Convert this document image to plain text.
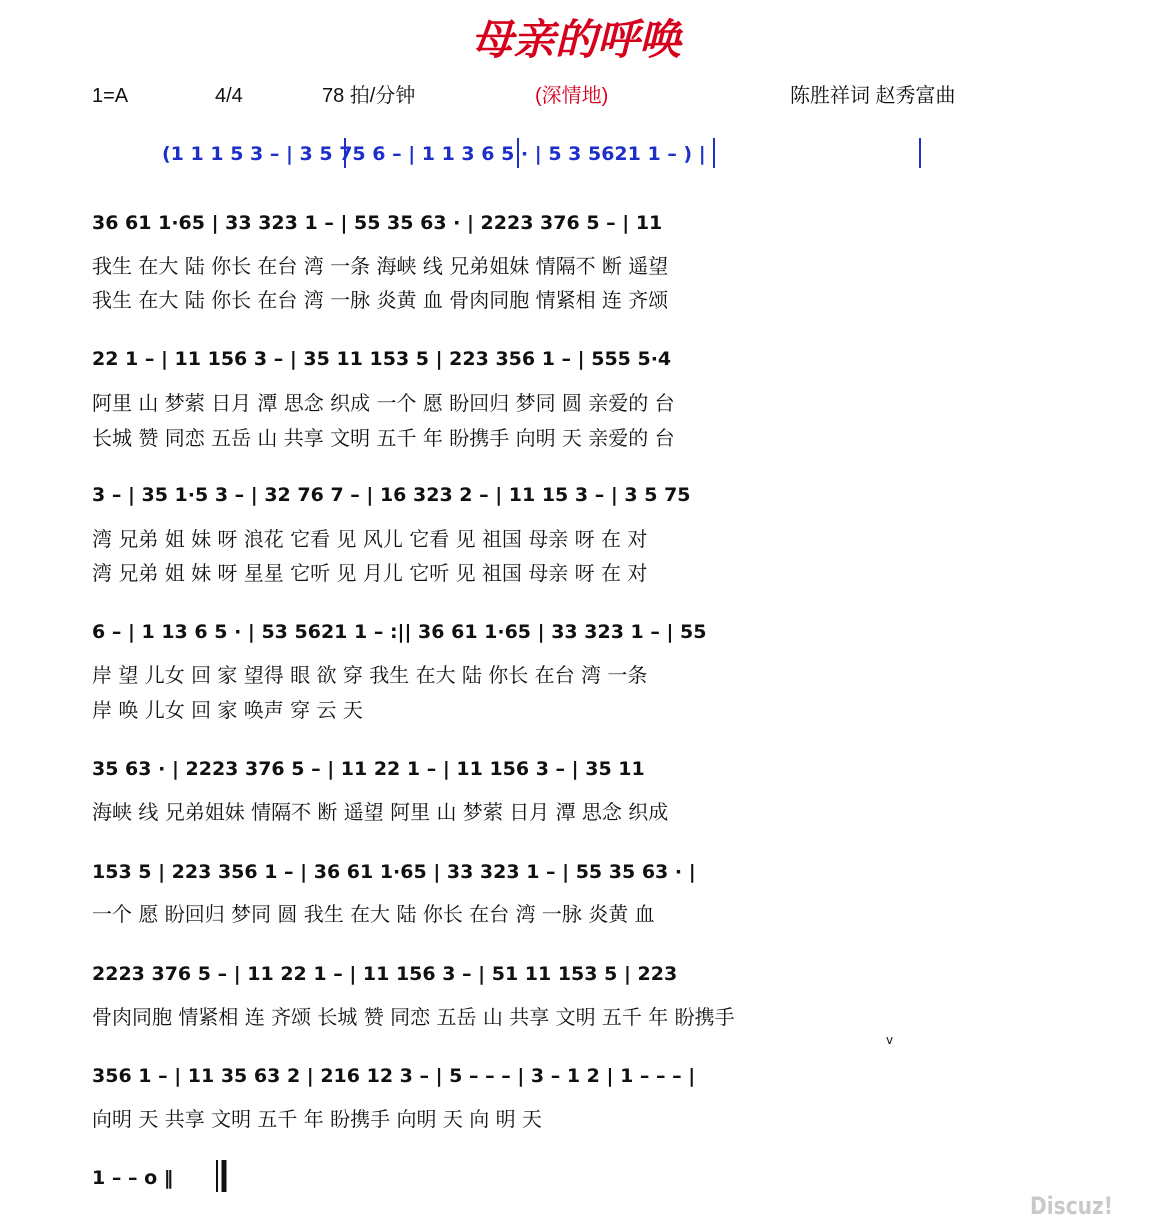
母亲的呼唤
1=A	4/4	78 拍/分钟	(深情地)	陈胜祥词 赵秀富曲
(1 1 1 5 3 – | 3 5 75 6 – | 1 1 3 6 5 · | 5 3 5621 1 – ) |
36 61 1·65 | 33 323 1 – | 55 35 63 · | 2223 376 5 – | 11
我生 在大 陆 你长 在台 湾 一条 海峡 线 兄弟姐妹 情隔不 断 遥望
我生 在大 陆 你长 在台 湾 一脉 炎黄 血 骨肉同胞 情紧相 连 齐颂
22 1 – | 11 156 3 – | 35 11 153 5 | 223 356 1 – | 555 5·4
阿里 山 梦萦 日月 潭 思念 织成 一个 愿 盼回归 梦同 圆 亲爱的 台
长城 赞 同恋 五岳 山 共享 文明 五千 年 盼携手 向明 天 亲爱的 台
3 – | 35 1·5 3 – | 32 76 7 – | 16 323 2 – | 11 15 3 – | 3 5 75
湾 兄弟 姐 妹 呀 浪花 它看 见 风儿 它看 见 祖国 母亲 呀 在 对
湾 兄弟 姐 妹 呀 星星 它听 见 月儿 它听 见 祖国 母亲 呀 在 对
6 – | 1 13 6 5 · | 53 5621 1 – :|| 36 61 1·65 | 33 323 1 – | 55
岸 望 儿女 回 家 望得 眼 欲 穿 我生 在大 陆 你长 在台 湾 一条
岸 唤 儿女 回 家 唤声 穿 云 天
35 63 · | 2223 376 5 – | 11 22 1 – | 11 156 3 – | 35 11
海峡 线 兄弟姐妹 情隔不 断 遥望 阿里 山 梦萦 日月 潭 思念 织成
153 5 | 223 356 1 – | 36 61 1·65 | 33 323 1 – | 55 35 63 · |
一个 愿 盼回归 梦同 圆 我生 在大 陆 你长 在台 湾 一脉 炎黄 血
2223 376 5 – | 11 22 1 – | 11 156 3 – | 51 11 153 5 | 223
骨肉同胞 情紧相 连 齐颂 长城 赞 同恋 五岳 山 共享 文明 五千 年 盼携手
v
356 1 – | 11 35 63 2 | 216 12 3 – | 5 – – – | 3 – 1 2 | 1 – – – |
向明 天 共享 文明 五千 年 盼携手 向明 天 向 明 天
1 – – o ‖
Discuz!
